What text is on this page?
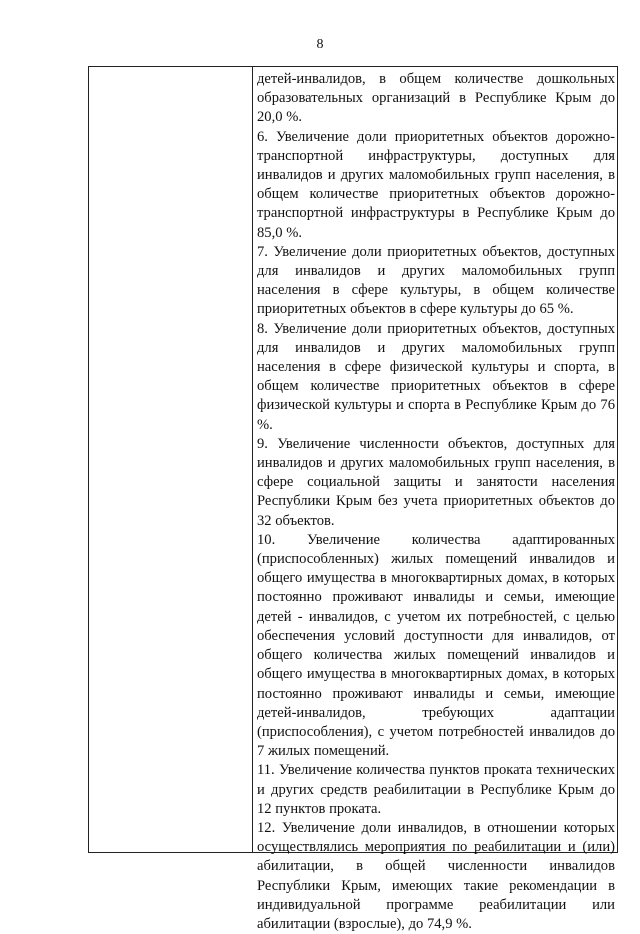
8

детей-инвалидов, в общем количестве дошкольных образовательных организаций в Республике Крым до 20,0 %.

6. Увеличение доли приоритетных объектов дорожно-транспортной инфраструктуры, доступных для инвалидов и других маломобильных групп населения, в общем количестве приоритетных объектов дорожно-транспортной инфраструктуры в Республике Крым до 85,0 %.

7. Увеличение доли приоритетных объектов, доступных для инвалидов и других маломобильных групп населения в сфере культуры, в общем количестве приоритетных объектов в сфере культуры до 65 %.

8. Увеличение доли приоритетных объектов, доступных для инвалидов и других маломобильных групп населения в сфере физической культуры и спорта, в общем количестве приоритетных объектов в сфере физической культуры и спорта в Республике Крым до 76 %.

9. Увеличение численности объектов, доступных для инвалидов и других маломобильных групп населения, в сфере социальной защиты и занятости населения Республики Крым без учета приоритетных объектов до 32 объектов.

10. Увеличение количества адаптированных (приспособленных) жилых помещений инвалидов и общего имущества в многоквартирных домах, в которых постоянно проживают инвалиды и семьи, имеющие детей - инвалидов, с учетом их потребностей, с целью обеспечения условий доступности для инвалидов, от общего количества жилых помещений инвалидов и общего имущества в многоквартирных домах, в которых постоянно проживают инвалиды и семьи, имеющие детей-инвалидов, требующих адаптации (приспособления), с учетом потребностей инвалидов до 7 жилых помещений.

11. Увеличение количества пунктов проката технических и других средств реабилитации в Республике Крым до 12 пунктов проката.

12. Увеличение доли инвалидов, в отношении которых осуществлялись мероприятия по реабилитации и (или) абилитации, в общей численности инвалидов Республики Крым, имеющих такие рекомендации в индивидуальной программе реабилитации или абилитации (взрослые), до 74,9 %.
